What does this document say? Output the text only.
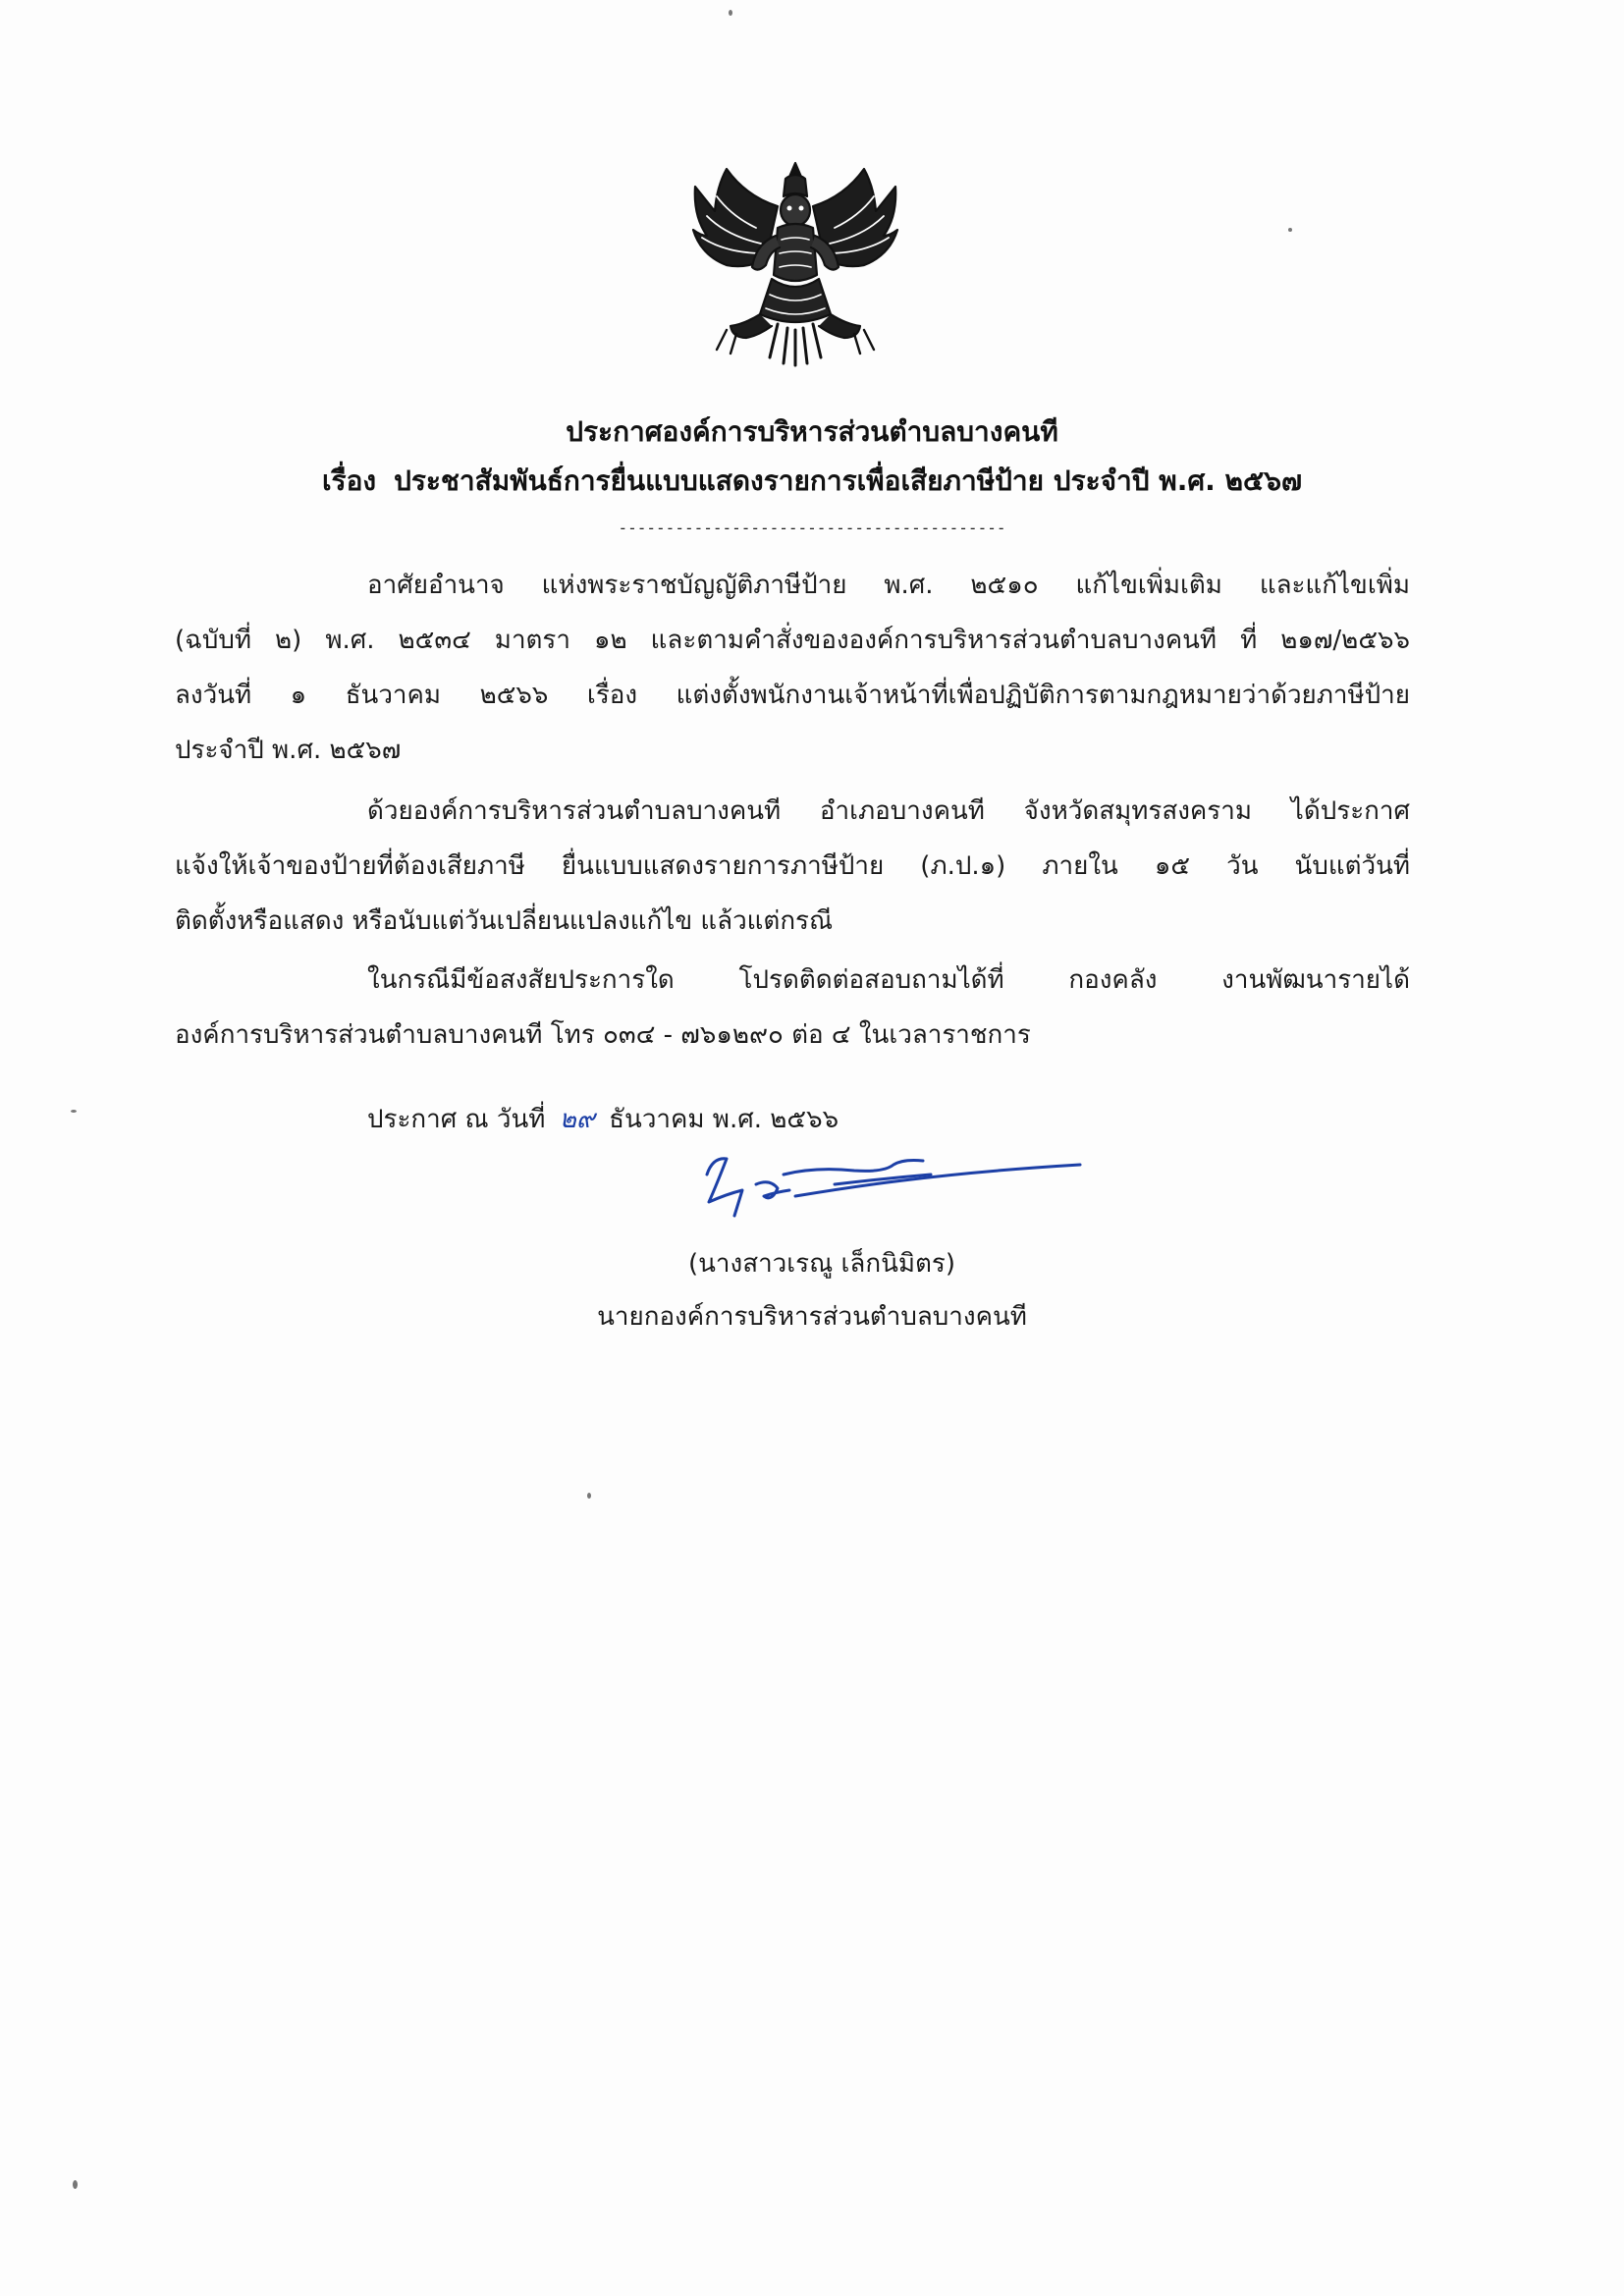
ประกาศองค์การบริหารส่วนตำบลบางคนที
เรื่อง ประชาสัมพันธ์การยื่นแบบแสดงรายการเพื่อเสียภาษีป้าย ประจำปี พ.ศ. ๒๕๖๗
-----------------------------------------
อาศัยอำนาจ แห่งพระราชบัญญัติภาษีป้าย พ.ศ. ๒๕๑๐ แก้ไขเพิ่มเติม และแก้ไขเพิ่ม
(ฉบับที่ ๒) พ.ศ. ๒๕๓๔ มาตรา ๑๒ และตามคำสั่งขององค์การบริหารส่วนตำบลบางคนที ที่ ๒๑๗/๒๕๖๖
ลงวันที่ ๑ ธันวาคม ๒๕๖๖ เรื่อง แต่งตั้งพนักงานเจ้าหน้าที่เพื่อปฏิบัติการตามกฎหมายว่าด้วยภาษีป้าย
ประจำปี พ.ศ. ๒๕๖๗
ด้วยองค์การบริหารส่วนตำบลบางคนที อำเภอบางคนที จังหวัดสมุทรสงคราม ได้ประกาศ
แจ้งให้เจ้าของป้ายที่ต้องเสียภาษี ยื่นแบบแสดงรายการภาษีป้าย (ภ.ป.๑) ภายใน ๑๕ วัน นับแต่วันที่
ติดตั้งหรือแสดง หรือนับแต่วันเปลี่ยนแปลงแก้ไข แล้วแต่กรณี
ในกรณีมีข้อสงสัยประการใด โปรดติดต่อสอบถามได้ที่ กองคลัง งานพัฒนารายได้
องค์การบริหารส่วนตำบลบางคนที โทร ๐๓๔ - ๗๖๑๒๙๐ ต่อ ๔ ในเวลาราชการ
ประกาศ ณ วันที่ ๒๙ ธันวาคม พ.ศ. ๒๕๖๖
(นางสาวเรณู เล็กนิมิตร)
นายกองค์การบริหารส่วนตำบลบางคนที
